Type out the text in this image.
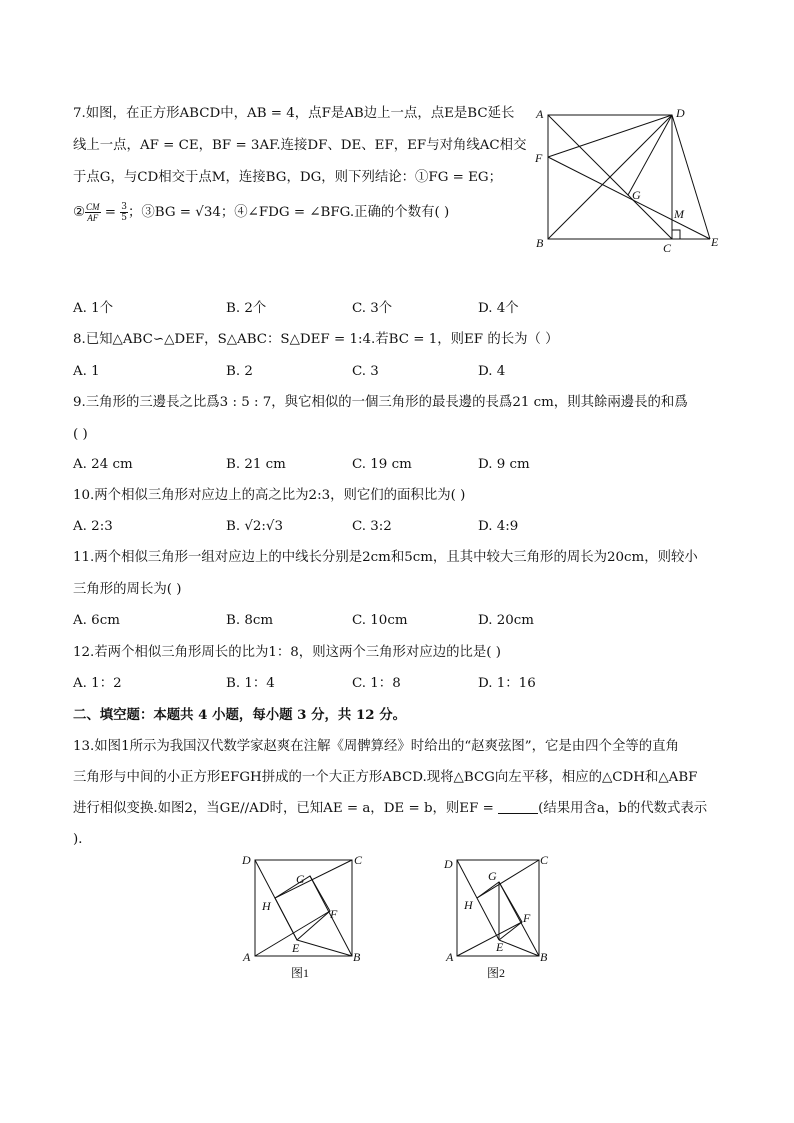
7.如图，在正方形ABCD中，AB = 4，点F是AB边上一点，点E是BC延长
线上一点，AF = CE，BF = 3AF.连接DF、DE、EF，EF与对角线AC相交
于点G，与CD相交于点M，连接BG，DG，则下列结论：①FG = EG；
② $\frac{CM}{AF} = \frac{3}{5}$ ；③BG = √34；④∠FDG = ∠BFG.正确的个数有( )
A	D
F
G
M
B	C	E
A. 1个	B. 2个	C. 3个	D. 4个
8.已知△ABC∽△DEF，S△ABC：S△DEF = 1:4.若BC = 1，则EF 的长为（ ）
A. 1	B. 2	C. 3	D. 4
9.三角形的三邊長之比爲3 : 5 : 7，與它相似的一個三角形的最長邊的長爲21 cm，則其餘兩邊長的和爲
( )
A. 24 cm	B. 21 cm	C. 19 cm	D. 9 cm
10.两个相似三角形对应边上的高之比为2:3，则它们的面积比为( )
A. 2:3	B. √2:√3	C. 3:2	D. 4:9
11.两个相似三角形一组对应边上的中线长分别是2cm和5cm，且其中较大三角形的周长为20cm，则较小
三角形的周长为( )
A. 6cm	B. 8cm	C. 10cm	D. 20cm
12.若两个相似三角形周长的比为1：8，则这两个三角形对应边的比是( )
A. 1：2	B. 1：4	C. 1：8	D. 1：16
二、填空题：本题共 4 小题，每小题 3 分，共 12 分。
13.如图1所示为我国汉代数学家赵爽在注解《周髀算经》时给出的“赵爽弦图”，它是由四个全等的直角
三角形与中间的小正方形EFGH拼成的一个大正方形ABCD.现将△BCG向左平移，相应的△CDH和△ABF
进行相似变换.如图2，当GE//AD时，已知AE = a，DE = b，则EF =	(结果用含a，b的代数式表示
)．
D	C
G
H
F
E
A	B
图1
D	C
G
H
F
E
A	B
图2
